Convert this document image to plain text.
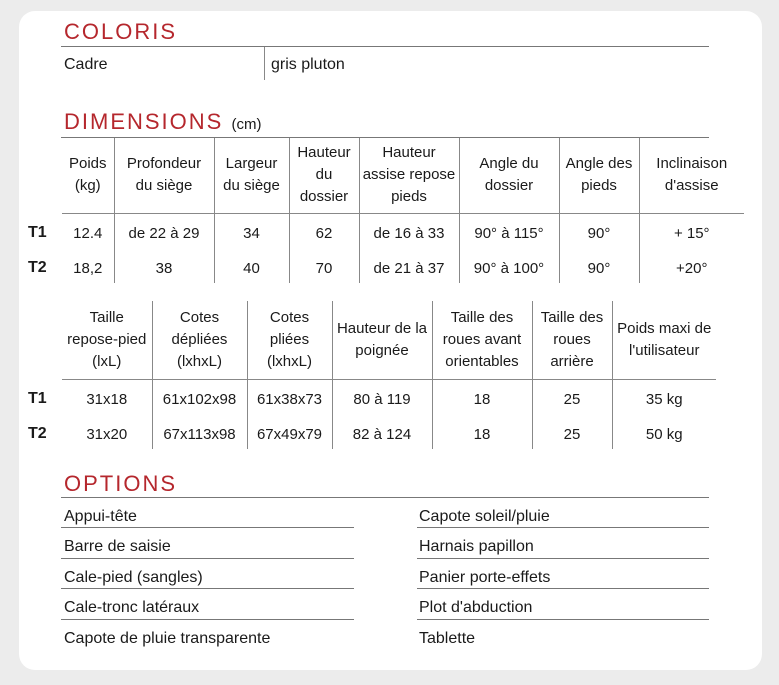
COLORIS
Cadre	gris pluton
DIMENSIONS (cm)
	Poids (kg)	Profondeur du siège	Largeur du siège	Hauteur du dossier	Hauteur assise repose pieds	Angle du dossier	Angle des pieds	Inclinaison d'assise
T1	12.4	de 22 à 29	34	62	de 16 à 33	90° à 115°	90°	+ 15°
T2	18,2	38	40	70	de 21 à 37	90° à 100°	90°	+20°
	Taille repose-pied (lxL)	Cotes dépliées (lxhxL)	Cotes pliées (lxhxL)	Hauteur de la poignée	Taille des roues avant orientables	Taille des roues arrière	Poids maxi de l'utilisateur
T1	31x18	61x102x98	61x38x73	80 à 119	18	25	35 kg
T2	31x20	67x113x98	67x49x79	82 à 124	18	25	50 kg
OPTIONS
Appui-tête
Barre de saisie
Cale-pied (sangles)
Cale-tronc latéraux
Capote de pluie transparente
Capote soleil/pluie
Harnais papillon
Panier porte-effets
Plot d'abduction
Tablette
